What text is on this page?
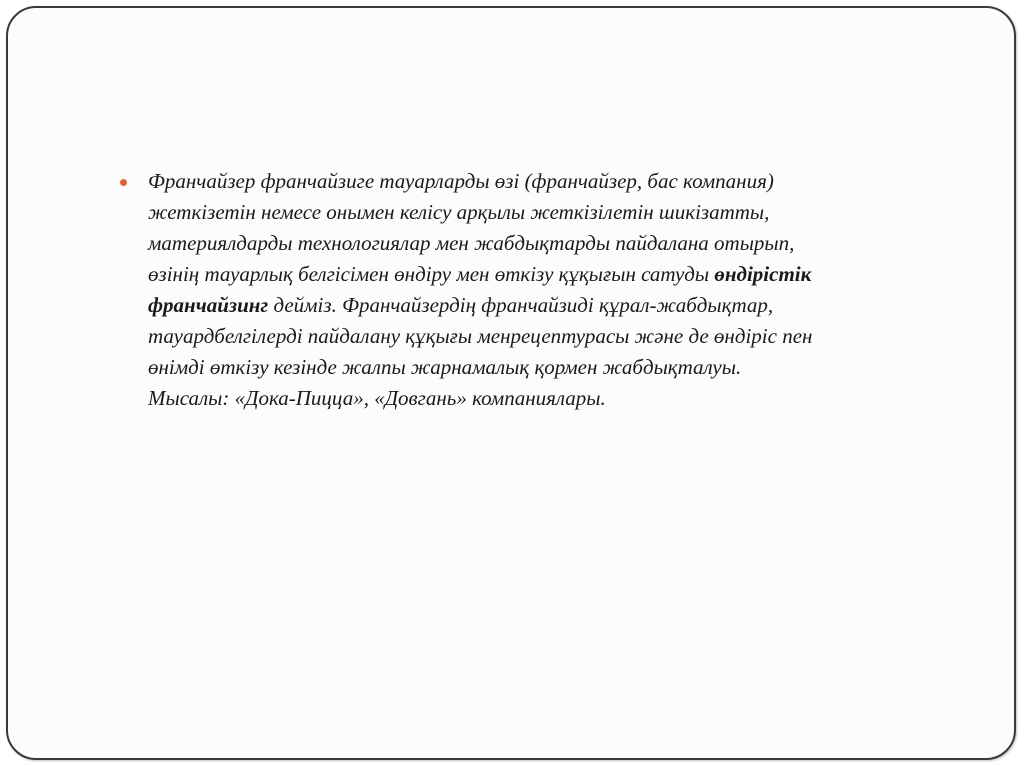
Франчайзер франчайзиге тауарларды өзі (франчайзер, бас компания)
жеткізетін немесе онымен келісу арқылы жеткізілетін шикізатты,
материялдарды технологиялар мен жабдықтарды пайдалана отырып,
өзінің тауарлық белгісімен өндіру мен өткізу құқығын сатуды өндірістік
франчайзинг дейміз. Франчайзердің франчайзиді құрал-жабдықтар,
тауардбелгілерді пайдалану құқығы менрецептурасы және де өндіріс пен
өнімді өткізу кезінде жалпы жарнамалық қормен жабдықталуы.
Мысалы: «Дока-Пицца», «Довгань» компаниялары.
